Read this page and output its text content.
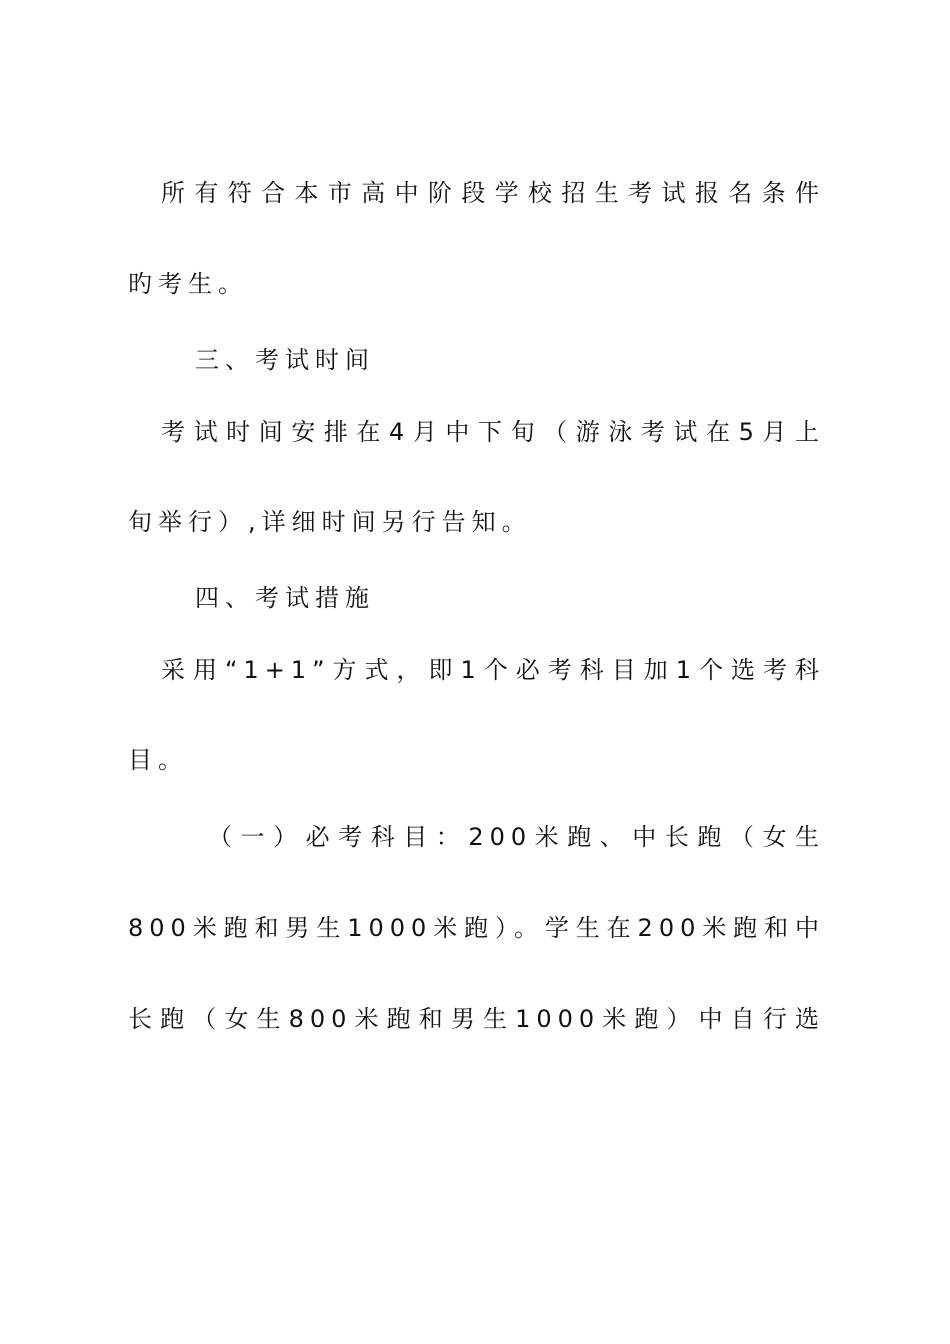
所有符合本市高中阶段学校招生考试报名条件
旳考生。
三、考试时间
考试时间安排在4月中下旬（游泳考试在5月上
旬举行）,详细时间另行告知。
四、考试措施
采用“1+1”方式，即1个必考科目加1个选考科
目。
（一）必考科目：200米跑、中长跑（女生
800米跑和男生1000米跑）。学生在200米跑和中
长跑（女生800米跑和男生1000米跑）中自行选
